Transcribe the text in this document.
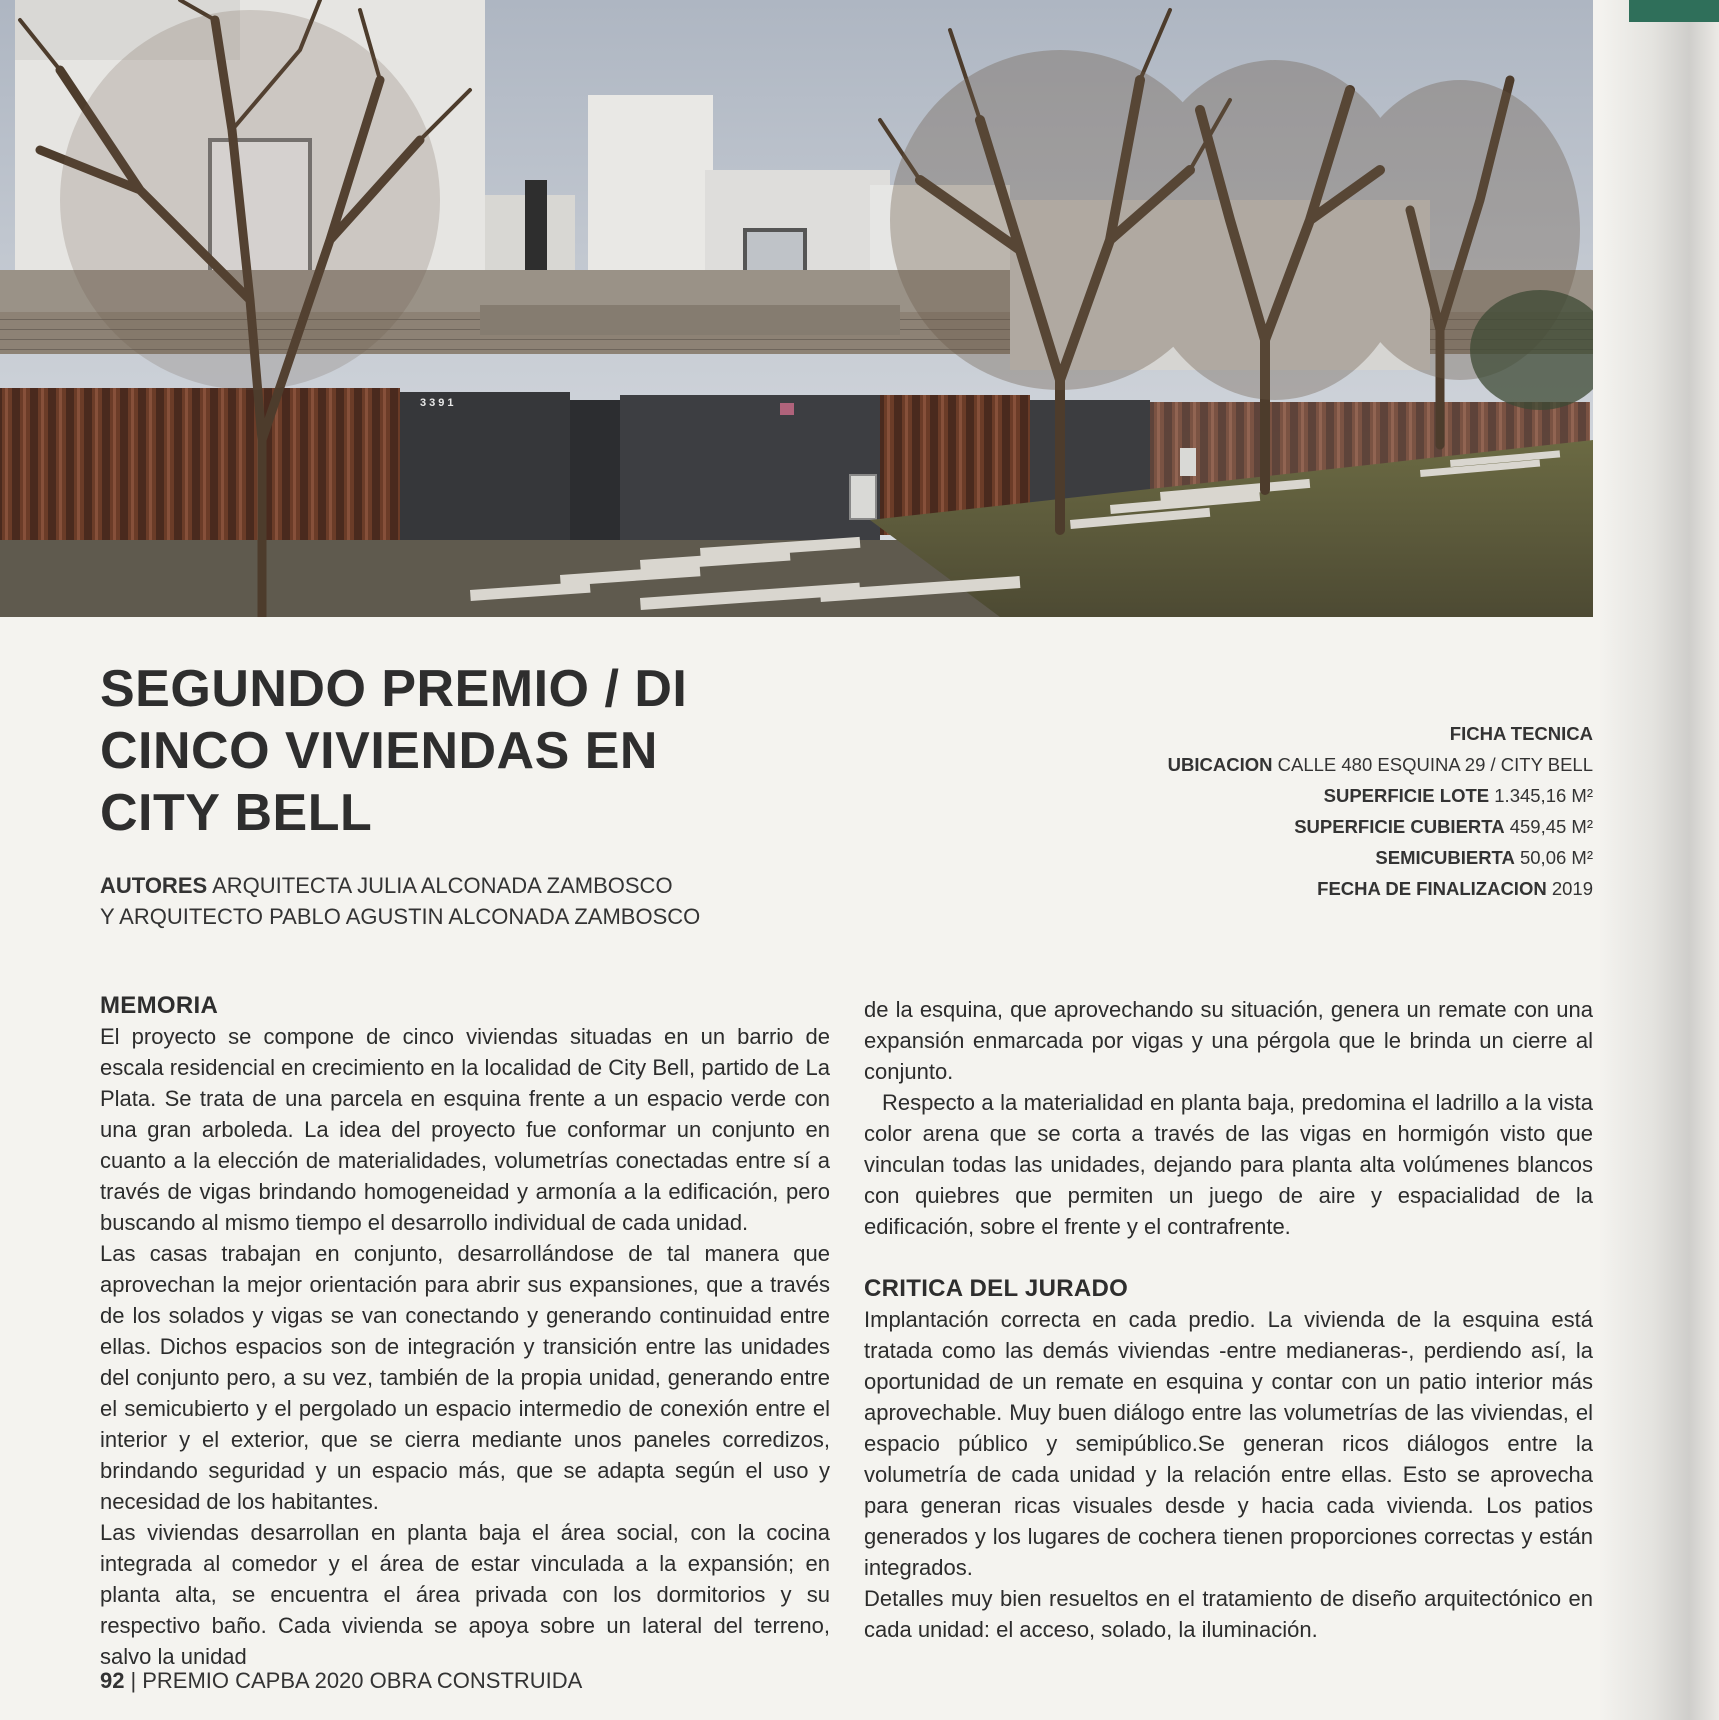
3391
SEGUNDO PREMIO / DI
CINCO VIVIENDAS EN
CITY BELL
AUTORES ARQUITECTA JULIA ALCONADA ZAMBOSCO
Y ARQUITECTO PABLO AGUSTIN ALCONADA ZAMBOSCO
FICHA TECNICA
UBICACION CALLE 480 ESQUINA 29 / CITY BELL
SUPERFICIE LOTE 1.345,16 M²
SUPERFICIE CUBIERTA 459,45 M²
SEMICUBIERTA 50,06 M²
FECHA DE FINALIZACION 2019
MEMORIA

El proyecto se compone de cinco viviendas situadas en un barrio de escala residencial en crecimiento en la localidad de City Bell, partido de La Plata. Se trata de una parcela en esquina frente a un espacio verde con una gran arboleda. La idea del proyecto fue conformar un conjunto en cuanto a la elección de materialidades, volumetrías conectadas entre sí a través de vigas brindando homogeneidad y armonía a la edificación, pero buscando al mismo tiempo el desarrollo individual de cada unidad.

Las casas trabajan en conjunto, desarrollándose de tal manera que aprovechan la mejor orientación para abrir sus expansiones, que a través de los solados y vigas se van conectando y generando continuidad entre ellas. Dichos espacios son de integración y transición entre las unidades del conjunto pero, a su vez, también de la propia unidad, generando entre el semicubierto y el pergolado un espacio intermedio de conexión entre el interior y el exterior, que se cierra mediante unos paneles corredizos, brindando seguridad y un espacio más, que se adapta según el uso y necesidad de los habitantes.

Las viviendas desarrollan en planta baja el área social, con la cocina integrada al comedor y el área de estar vinculada a la expansión; en planta alta, se encuentra el área privada con los dormitorios y su respectivo baño. Cada vivienda se apoya sobre un lateral del terreno, salvo la unidad

de la esquina, que aprovechando su situación, genera un remate con una expansión enmarcada por vigas y una pérgola que le brinda un cierre al conjunto.

Respecto a la materialidad en planta baja, predomina el ladrillo a la vista color arena que se corta a través de las vigas en hormigón visto que vinculan todas las unidades, dejando para planta alta volúmenes blancos con quiebres que permiten un juego de aire y espacialidad de la edificación, sobre el frente y el contrafrente.

CRITICA DEL JURADO

Implantación correcta en cada predio. La vivienda de la esquina está tratada como las demás viviendas -entre medianeras-, perdiendo así, la oportunidad de un remate en esquina y contar con un patio interior más aprovechable. Muy buen diálogo entre las volumetrías de las viviendas, el espacio público y semipúblico.Se generan ricos diálogos entre la volumetría de cada unidad y la relación entre ellas. Esto se aprovecha para generan ricas visuales desde y hacia cada vivienda. Los patios generados y los lugares de cochera tienen proporciones correctas y están integrados.

Detalles muy bien resueltos en el tratamiento de diseño arquitectónico en cada unidad: el acceso, solado, la iluminación.

92 | PREMIO CAPBA 2020 OBRA CONSTRUIDA
